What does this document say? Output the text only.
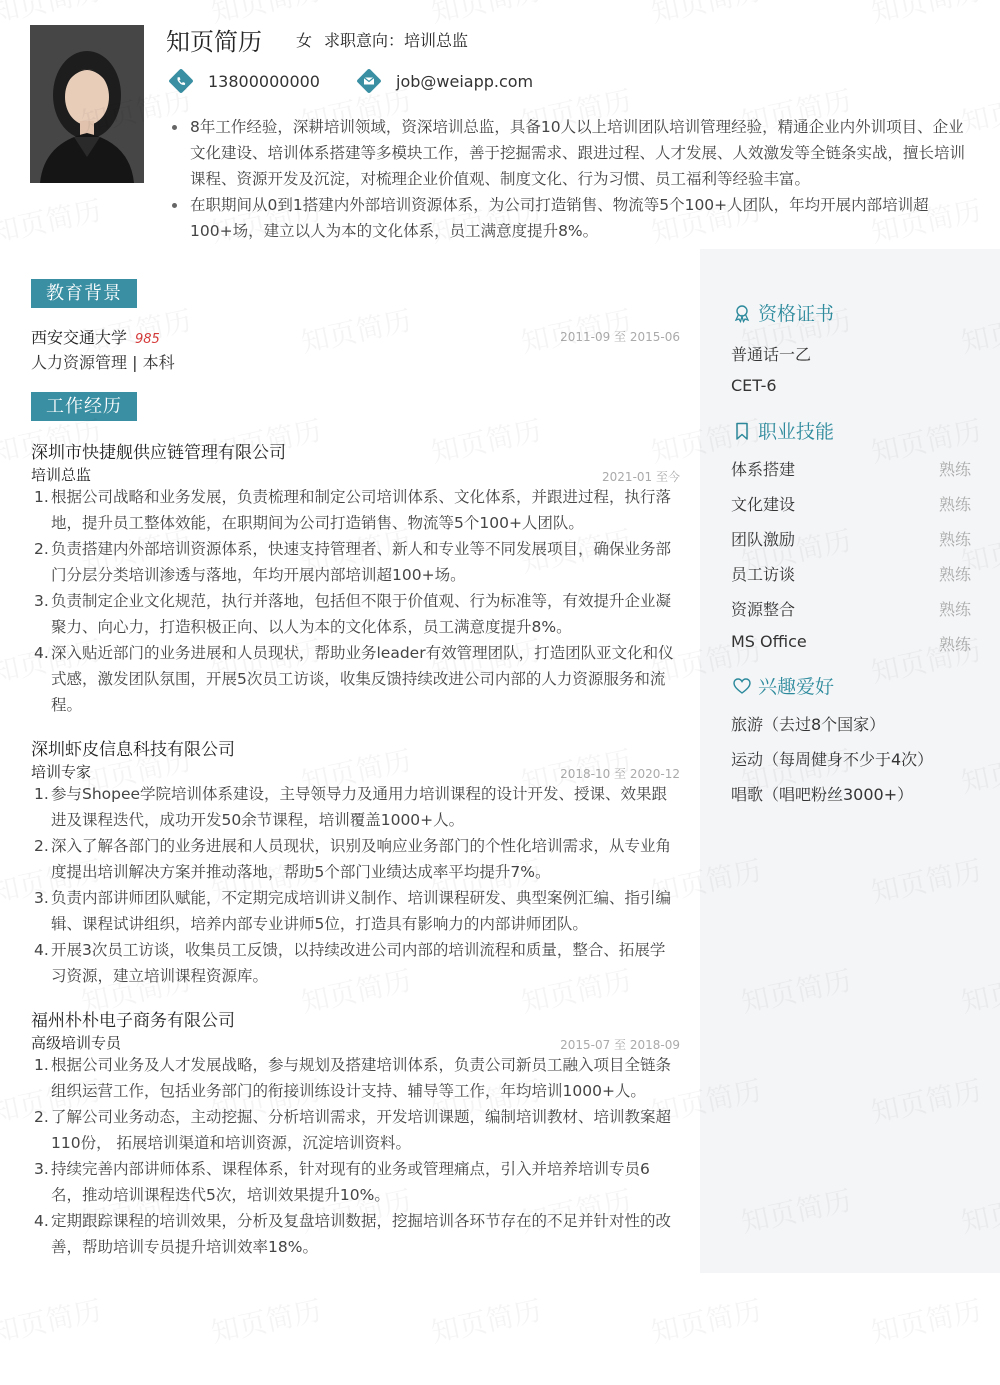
知页简历 女 求职意向：培训总监
13800000000	job@weiapp.com
8年工作经验，深耕培训领域，资深培训总监，具备10人以上培训团队培训管理经验，精通企业内外训项目、企业文化建设、培训体系搭建等多模块工作，善于挖掘需求、跟进过程、人才发展、人效激发等全链条实战，擅长培训课程、资源开发及沉淀，对梳理企业价值观、制度文化、行为习惯、员工福利等经验丰富。
在职期间从0到1搭建内外部培训资源体系，为公司打造销售、物流等5个100+人团队，年均开展内部培训超100+场，建立以人为本的文化体系，员工满意度提升8%。
资格证书
普通话一乙
CET-6
职业技能
体系搭建	熟练
文化建设	熟练
团队激励	熟练
员工访谈	熟练
资源整合	熟练
MS Office	熟练
兴趣爱好
旅游（去过8个国家）
运动（每周健身不少于4次）
唱歌（唱吧粉丝3000+）
教育背景
西安交通大学 985
人力资源管理 | 本科
2011-09 至 2015-06
工作经历
深圳市快捷舰供应链管理有限公司
培训总监	2021-01 至今
1. 根据公司战略和业务发展，负责梳理和制定公司培训体系、文化体系，并跟进过程，执行落地，提升员工整体效能，在职期间为公司打造销售、物流等5个100+人团队。
2. 负责搭建内外部培训资源体系，快速支持管理者、新人和专业等不同发展项目，确保业务部门分层分类培训渗透与落地，年均开展内部培训超100+场。
3. 负责制定企业文化规范，执行并落地，包括但不限于价值观、行为标准等，有效提升企业凝聚力、向心力，打造积极正向、以人为本的文化体系，员工满意度提升8%。
4. 深入贴近部门的业务进展和人员现状，帮助业务leader有效管理团队，打造团队亚文化和仪式感，激发团队氛围，开展5次员工访谈，收集反馈持续改进公司内部的人力资源服务和流程。
深圳虾皮信息科技有限公司
培训专家	2018-10 至 2020-12
1. 参与Shopee学院培训体系建设，主导领导力及通用力培训课程的设计开发、授课、效果跟进及课程迭代，成功开发50余节课程，培训覆盖1000+人。
2. 深入了解各部门的业务进展和人员现状，识别及响应业务部门的个性化培训需求，从专业角度提出培训解决方案并推动落地，帮助5个部门业绩达成率平均提升7%。
3. 负责内部讲师团队赋能，不定期完成培训讲义制作、培训课程研发、典型案例汇编、指引编辑、课程试讲组织，培养内部专业讲师5位，打造具有影响力的内部讲师团队。
4. 开展3次员工访谈，收集员工反馈，以持续改进公司内部的培训流程和质量，整合、拓展学习资源，建立培训课程资源库。
福州朴朴电子商务有限公司
高级培训专员	2015-07 至 2018-09
1. 根据公司业务及人才发展战略，参与规划及搭建培训体系，负责公司新员工融入项目全链条组织运营工作，包括业务部门的衔接训练设计支持、辅导等工作，年均培训1000+人。
2. 了解公司业务动态，主动挖掘、分析培训需求，开发培训课题，编制培训教材、培训教案超110份， 拓展培训渠道和培训资源，沉淀培训资料。
3. 持续完善内部讲师体系、课程体系，针对现有的业务或管理痛点，引入并培养培训专员6名，推动培训课程迭代5次，培训效果提升10%。
4. 定期跟踪课程的培训效果，分析及复盘培训数据，挖掘培训各环节存在的不足并针对性的改善，帮助培训专员提升培训效率18%。
